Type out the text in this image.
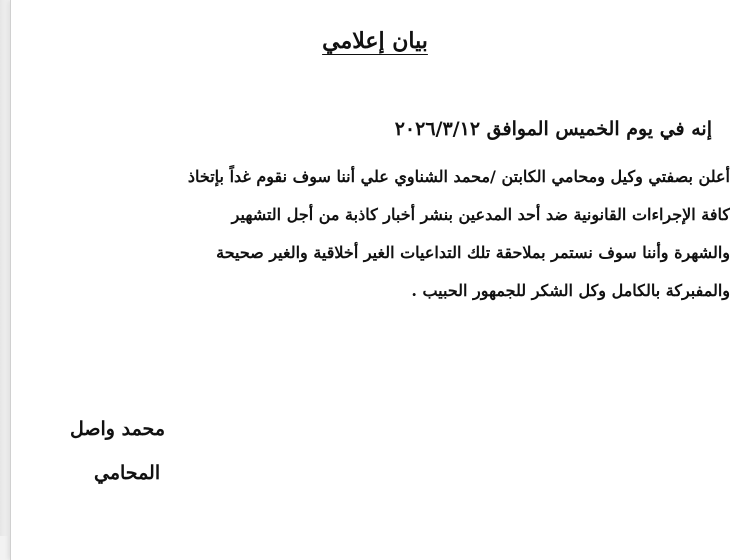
بيان إعلامي
إنه في يوم الخميس الموافق ٢٠٢٦/٣/١٢
أعلن بصفتي وكيل ومحامي الكابتن /محمد الشناوي علي أننا سوف نقوم غداً بإتخاذ
كافة الإجراءات القانونية ضد أحد المدعين بنشر أخبار كاذبة من أجل التشهير
والشهرة وأننا سوف نستمر بملاحقة تلك التداعيات الغير أخلاقية والغير صحيحة
والمفبركة بالكامل وكل الشكر للجمهور الحبيب .
محمد واصل
المحامي
